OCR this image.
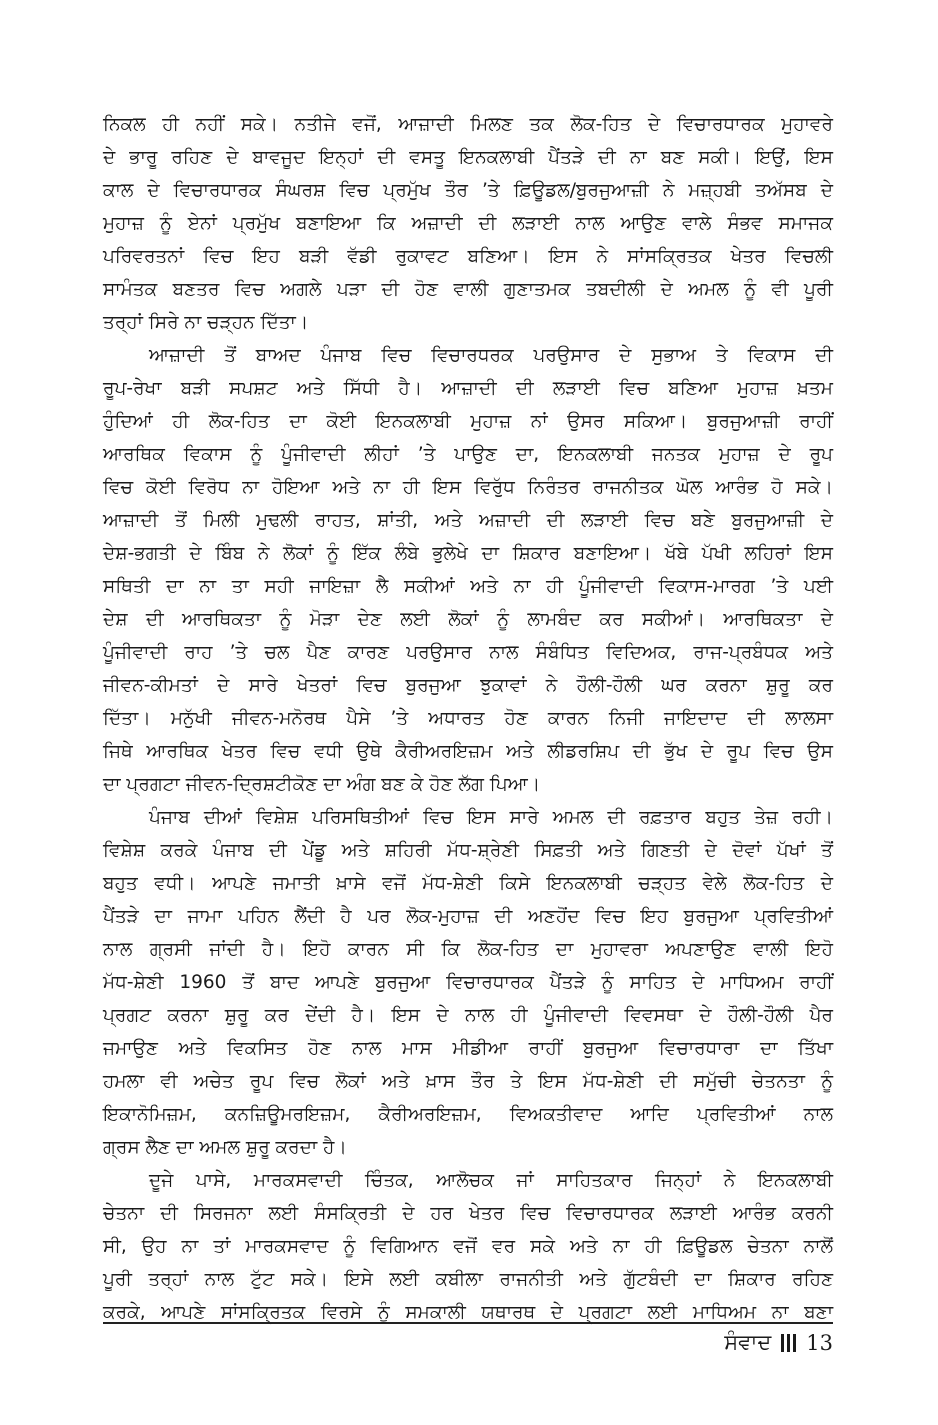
ਨਿਕਲ ਹੀ ਨਹੀਂ ਸਕੇ। ਨਤੀਜੇ ਵਜੋਂ, ਆਜ਼ਾਦੀ ਮਿਲਣ ਤਕ ਲੋਕ-ਹਿਤ ਦੇ ਵਿਚਾਰਧਾਰਕ ਮੁਹਾਵਰੇ
ਦੇ ਭਾਰੂ ਰਹਿਣ ਦੇ ਬਾਵਜੂਦ ਇਨ੍ਹਾਂ ਦੀ ਵਸਤੂ ਇਨਕਲਾਬੀ ਪੈਂਤੜੇ ਦੀ ਨਾ ਬਣ ਸਕੀ। ਇਉਂ, ਇਸ
ਕਾਲ ਦੇ ਵਿਚਾਰਧਾਰਕ ਸੰਘਰਸ਼ ਵਿਚ ਪ੍ਰਮੁੱਖ ਤੌਰ ’ਤੇ ਫ਼ਿਊਡਲ/ਬੁਰਜੁਆਜ਼ੀ ਨੇ ਮਜ਼੍ਹਬੀ ਤਅੱਸਬ ਦੇ
ਮੁਹਾਜ਼ ਨੂੰ ਏਨਾਂ ਪ੍ਰਮੁੱਖ ਬਣਾਇਆ ਕਿ ਅਜ਼ਾਦੀ ਦੀ ਲੜਾਈ ਨਾਲ ਆਉਣ ਵਾਲੇ ਸੰਭਵ ਸਮਾਜਕ
ਪਰਿਵਰਤਨਾਂ ਵਿਚ ਇਹ ਬੜੀ ਵੱਡੀ ਰੁਕਾਵਟ ਬਣਿਆ। ਇਸ ਨੇ ਸਾਂਸਕ੍ਰਿਤਕ ਖੇਤਰ ਵਿਚਲੀ
ਸਾਮੰਤਕ ਬਣਤਰ ਵਿਚ ਅਗਲੇ ਪੜਾ ਦੀ ਹੋਣ ਵਾਲੀ ਗੁਣਾਤਮਕ ਤਬਦੀਲੀ ਦੇ ਅਮਲ ਨੂੰ ਵੀ ਪੂਰੀ
ਤਰ੍ਹਾਂ ਸਿਰੇ ਨਾ ਚੜ੍ਹਨ ਦਿੱਤਾ।

ਆਜ਼ਾਦੀ ਤੋਂ ਬਾਅਦ ਪੰਜਾਬ ਵਿਚ ਵਿਚਾਰਧਰਕ ਪਰਉਸਾਰ ਦੇ ਸੁਭਾਅ ਤੇ ਵਿਕਾਸ ਦੀ
ਰੂਪ-ਰੇਖਾ ਬੜੀ ਸਪਸ਼ਟ ਅਤੇ ਸਿੱਧੀ ਹੈ। ਆਜ਼ਾਦੀ ਦੀ ਲੜਾਈ ਵਿਚ ਬਣਿਆ ਮੁਹਾਜ਼ ਖ਼ਤਮ
ਹੁੰਦਿਆਂ ਹੀ ਲੋਕ-ਹਿਤ ਦਾ ਕੋਈ ਇਨਕਲਾਬੀ ਮੁਹਾਜ਼ ਨਾਂ ਉਸਰ ਸਕਿਆ। ਬੁਰਜੁਆਜ਼ੀ ਰਾਹੀਂ
ਆਰਥਿਕ ਵਿਕਾਸ ਨੂੰ ਪੂੰਜੀਵਾਦੀ ਲੀਹਾਂ ’ਤੇ ਪਾਉਣ ਦਾ, ਇਨਕਲਾਬੀ ਜਨਤਕ ਮੁਹਾਜ਼ ਦੇ ਰੂਪ
ਵਿਚ ਕੋਈ ਵਿਰੋਧ ਨਾ ਹੋਇਆ ਅਤੇ ਨਾ ਹੀ ਇਸ ਵਿਰੁੱਧ ਨਿਰੰਤਰ ਰਾਜਨੀਤਕ ਘੋਲ ਆਰੰਭ ਹੋ ਸਕੇ।
ਆਜ਼ਾਦੀ ਤੋਂ ਮਿਲੀ ਮੁਢਲੀ ਰਾਹਤ, ਸ਼ਾਂਤੀ, ਅਤੇ ਅਜ਼ਾਦੀ ਦੀ ਲੜਾਈ ਵਿਚ ਬਣੇ ਬੁਰਜੁਆਜ਼ੀ ਦੇ
ਦੇਸ਼-ਭਗਤੀ ਦੇ ਬਿੰਬ ਨੇ ਲੋਕਾਂ ਨੂੰ ਇੱਕ ਲੰਬੇ ਭੁਲੇਖੇ ਦਾ ਸ਼ਿਕਾਰ ਬਣਾਇਆ। ਖੱਬੇ ਪੱਖੀ ਲਹਿਰਾਂ ਇਸ
ਸਥਿਤੀ ਦਾ ਨਾ ਤਾ ਸਹੀ ਜਾਇਜ਼ਾ ਲੈ ਸਕੀਆਂ ਅਤੇ ਨਾ ਹੀ ਪੂੰਜੀਵਾਦੀ ਵਿਕਾਸ-ਮਾਰਗ ’ਤੇ ਪਈ
ਦੇਸ਼ ਦੀ ਆਰਥਿਕਤਾ ਨੂੰ ਮੋੜਾ ਦੇਣ ਲਈ ਲੋਕਾਂ ਨੂੰ ਲਾਮਬੰਦ ਕਰ ਸਕੀਆਂ। ਆਰਥਿਕਤਾ ਦੇ
ਪੂੰਜੀਵਾਦੀ ਰਾਹ ’ਤੇ ਚਲ ਪੈਣ ਕਾਰਣ ਪਰਉਸਾਰ ਨਾਲ ਸੰਬੰਧਿਤ ਵਿਦਿਅਕ, ਰਾਜ-ਪ੍ਰਬੰਧਕ ਅਤੇ
ਜੀਵਨ-ਕੀਮਤਾਂ ਦੇ ਸਾਰੇ ਖੇਤਰਾਂ ਵਿਚ ਬੁਰਜੁਆ ਝੁਕਾਵਾਂ ਨੇ ਹੌਲੀ-ਹੌਲੀ ਘਰ ਕਰਨਾ ਸ਼ੁਰੂ ਕਰ
ਦਿੱਤਾ। ਮਨੁੱਖੀ ਜੀਵਨ-ਮਨੋਰਥ ਪੈਸੇ ’ਤੇ ਅਧਾਰਤ ਹੋਣ ਕਾਰਨ ਨਿਜੀ ਜਾਇਦਾਦ ਦੀ ਲਾਲਸਾ
ਜਿਥੇ ਆਰਥਿਕ ਖੇਤਰ ਵਿਚ ਵਧੀ ਉਥੇ ਕੈਰੀਅਰਇਜ਼ਮ ਅਤੇ ਲੀਡਰਸ਼ਿਪ ਦੀ ਭੁੱਖ ਦੇ ਰੂਪ ਵਿਚ ਉਸ
ਦਾ ਪ੍ਰਗਟਾ ਜੀਵਨ-ਦ੍ਰਿਸ਼ਟੀਕੋਣ ਦਾ ਅੰਗ ਬਣ ਕੇ ਹੋਣ ਲੱਗ ਪਿਆ।

ਪੰਜਾਬ ਦੀਆਂ ਵਿਸ਼ੇਸ਼ ਪਰਿਸਥਿਤੀਆਂ ਵਿਚ ਇਸ ਸਾਰੇ ਅਮਲ ਦੀ ਰਫ਼ਤਾਰ ਬਹੁਤ ਤੇਜ਼ ਰਹੀ।
ਵਿਸ਼ੇਸ਼ ਕਰਕੇ ਪੰਜਾਬ ਦੀ ਪੇਂਡੂ ਅਤੇ ਸ਼ਹਿਰੀ ਮੱਧ-ਸ਼੍ਰੇਣੀ ਸਿਫ਼ਤੀ ਅਤੇ ਗਿਣਤੀ ਦੇ ਦੋਵਾਂ ਪੱਖਾਂ ਤੋਂ
ਬਹੁਤ ਵਧੀ। ਆਪਣੇ ਜਮਾਤੀ ਖ਼ਾਸੇ ਵਜੋਂ ਮੱਧ-ਸ਼ੇਣੀ ਕਿਸੇ ਇਨਕਲਾਬੀ ਚੜ੍ਹਤ ਵੇਲੇ ਲੋਕ-ਹਿਤ ਦੇ
ਪੈਂਤੜੇ ਦਾ ਜਾਮਾ ਪਹਿਨ ਲੈਂਦੀ ਹੈ ਪਰ ਲੋਕ-ਮੁਹਾਜ਼ ਦੀ ਅਣਹੋਂਦ ਵਿਚ ਇਹ ਬੁਰਜੁਆ ਪ੍ਰਵਿਤੀਆਂ
ਨਾਲ ਗ੍ਰਸੀ ਜਾਂਦੀ ਹੈ। ਇਹੋ ਕਾਰਨ ਸੀ ਕਿ ਲੋਕ-ਹਿਤ ਦਾ ਮੁਹਾਵਰਾ ਅਪਣਾਉਣ ਵਾਲੀ ਇਹੋ
ਮੱਧ-ਸ਼ੇਣੀ 1960 ਤੋਂ ਬਾਦ ਆਪਣੇ ਬੁਰਜੁਆ ਵਿਚਾਰਧਾਰਕ ਪੈਂਤੜੇ ਨੂੰ ਸਾਹਿਤ ਦੇ ਮਾਧਿਅਮ ਰਾਹੀਂ
ਪ੍ਰਗਟ ਕਰਨਾ ਸ਼ੁਰੂ ਕਰ ਦੇਂਦੀ ਹੈ। ਇਸ ਦੇ ਨਾਲ ਹੀ ਪੂੰਜੀਵਾਦੀ ਵਿਵਸਥਾ ਦੇ ਹੌਲੀ-ਹੌਲੀ ਪੈਰ
ਜਮਾਉਣ ਅਤੇ ਵਿਕਸਿਤ ਹੋਣ ਨਾਲ ਮਾਸ ਮੀਡੀਆ ਰਾਹੀਂ ਬੁਰਜੁਆ ਵਿਚਾਰਧਾਰਾ ਦਾ ਤਿੱਖਾ
ਹਮਲਾ ਵੀ ਅਚੇਤ ਰੂਪ ਵਿਚ ਲੋਕਾਂ ਅਤੇ ਖ਼ਾਸ ਤੌਰ ਤੇ ਇਸ ਮੱਧ-ਸ਼ੇਣੀ ਦੀ ਸਮੁੱਚੀ ਚੇਤਨਤਾ ਨੂੰ
ਇਕਾਨੋਮਿਜ਼ਮ, ਕਨਜ਼ਿਊਮਰਇਜ਼ਮ, ਕੈਰੀਅਰਇਜ਼ਮ, ਵਿਅਕਤੀਵਾਦ ਆਦਿ ਪ੍ਰਵਿਤੀਆਂ ਨਾਲ
ਗ੍ਰਸ ਲੈਣ ਦਾ ਅਮਲ ਸ਼ੁਰੂ ਕਰਦਾ ਹੈ।

ਦੂਜੇ ਪਾਸੇ, ਮਾਰਕਸਵਾਦੀ ਚਿੰਤਕ, ਆਲੋਚਕ ਜਾਂ ਸਾਹਿਤਕਾਰ ਜਿਨ੍ਹਾਂ ਨੇ ਇਨਕਲਾਬੀ
ਚੇਤਨਾ ਦੀ ਸਿਰਜਨਾ ਲਈ ਸੰਸਕ੍ਰਿਤੀ ਦੇ ਹਰ ਖੇਤਰ ਵਿਚ ਵਿਚਾਰਧਾਰਕ ਲੜਾਈ ਆਰੰਭ ਕਰਨੀ
ਸੀ, ਉਹ ਨਾ ਤਾਂ ਮਾਰਕਸਵਾਦ ਨੂੰ ਵਿਗਿਆਨ ਵਜੋਂ ਵਰ ਸਕੇ ਅਤੇ ਨਾ ਹੀ ਫ਼ਿਊਡਲ ਚੇਤਨਾ ਨਾਲੋਂ
ਪੂਰੀ ਤਰ੍ਹਾਂ ਨਾਲ ਟੁੱਟ ਸਕੇ। ਇਸੇ ਲਈ ਕਬੀਲਾ ਰਾਜਨੀਤੀ ਅਤੇ ਗੁੱਟਬੰਦੀ ਦਾ ਸ਼ਿਕਾਰ ਰਹਿਣ
ਕਰਕੇ, ਆਪਣੇ ਸਾਂਸਕ੍ਰਿਤਕ ਵਿਰਸੇ ਨੂੰ ਸਮਕਾਲੀ ਯਥਾਰਥ ਦੇ ਪ੍ਰਗਟਾ ਲਈ ਮਾਧਿਅਮ ਨਾ ਬਣਾ

ਸੰਵਾਦ 13
